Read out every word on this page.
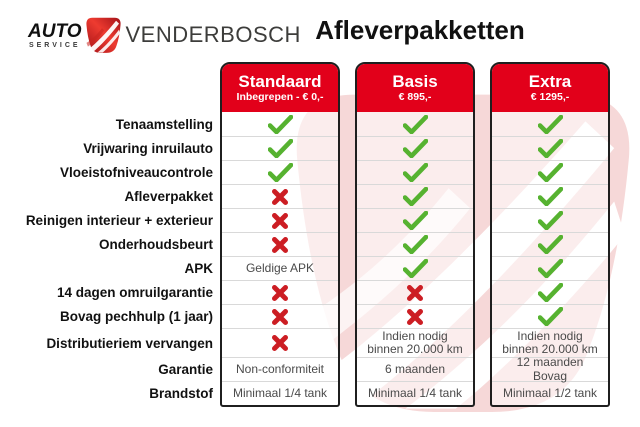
AUTO
SERVICE VENDERBOSCH Afleverpakketten
Tenaamstelling
Vrijwaring inruilauto
Vloeistofniveaucontrole
Afleverpakket
Reinigen interieur + exterieur
Onderhoudsbeurt
APK
14 dagen omruilgarantie
Bovag pechhulp (1 jaar)
Distributieriem vervangen
Garantie
Brandstof
Standaard
Inbegrepen - € 0,-
Geldige APK
Non-conformiteit
Minimaal 1/4 tank
Basis
€ 895,-
Indien nodig binnen 20.000 km
6 maanden
Minimaal 1/4 tank
Extra
€ 1295,-
Indien nodig binnen 20.000 km
12 maanden Bovag
Minimaal 1/2 tank
